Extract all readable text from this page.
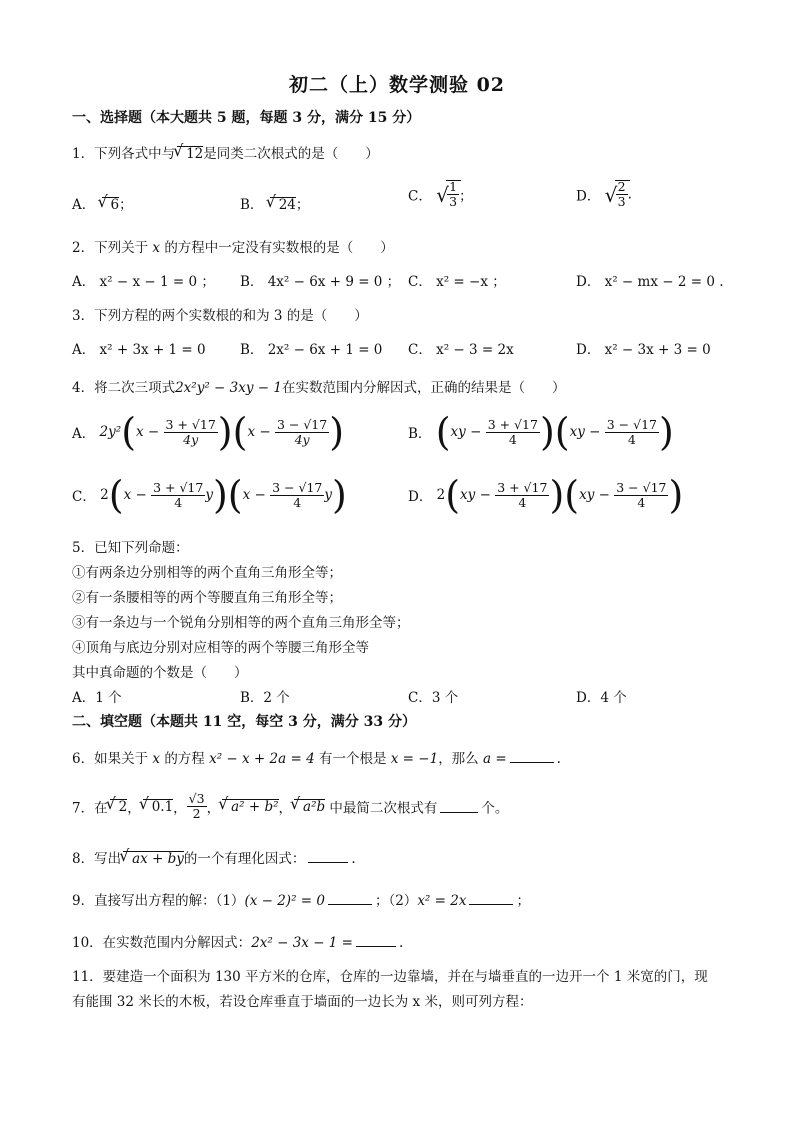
初二（上）数学测验 02
一、选择题（本大题共 5 题，每题 3 分，满分 15 分）
1．下列各式中与 √ 12是同类二次根式的是（　　）
A． √ 6；	B． √ 24；
C． √
$\frac{1}{3}$ ；	D． √
$\frac{2}{3}$ .
2．下列关于 x 的方程中一定没有实数根的是（　　）
A． x² − x − 1 = 0 ； B． 4x² − 6x + 9 = 0 ； C． x² = −x ；	D． x² − mx − 2 = 0 .
3．下列方程的两个实数根的和为 3 的是（　　）
A． x² + 3x + 1 = 0	B． 2x² − 6x + 1 = 0 C． x² − 3 = 2x	D． x² − 3x + 3 = 0
4．将二次三项式2x²y² − 3xy − 1在实数范围内分解因式，正确的结果是（　　）
A． $2y^2(x - \frac{3 + √17}{4y} )(x - \frac{3 - √17}{4y}$ )	B． $(xy - \frac{3 + √17}{4} )(xy - \frac{3 - √17}{4}$ )
C． $2(x - \frac{3 + √17}{4} y)(x - \frac{3 - √17}{4} y)$	D． $2(xy - \frac{3 + √17}{4} )(xy - \frac{3 - √17}{4}$ )
5．已知下列命题：
①有两条边分别相等的两个直角三角形全等；
②有一条腰相等的两个等腰直角三角形全等；
③有一条边与一个锐角分别相等的两个直角三角形全等；
④顶角与底边分别对应相等的两个等腰三角形全等
其中真命题的个数是（　　）
A．1 个	B．2 个	C．3 个	D．4 个
二、填空题（本题共 11 空，每空 3 分，满分 33 分）
6．如果关于 x 的方程 x² − x + 2a = 4 有一个根是 x = −1，那么 a =	.
7．在 √ 2， √ 0.1， $\frac{√3}{2}$ ， √ a² + b²， √ a²b 中最简二次根式有	个。
8．写出 √ ax + by的一个有理化因式：	.
9．直接写出方程的解：（1）(x − 2)² = 0	；（2）x² = 2x	；
10．在实数范围内分解因式：2x² − 3x − 1 =	.
11．要建造一个面积为 130 平方米的仓库，仓库的一边靠墙，并在与墙垂直的一边开一个 1 米宽的门，现
有能围 32 米长的木板，若设仓库垂直于墙面的一边长为 x 米，则可列方程：
